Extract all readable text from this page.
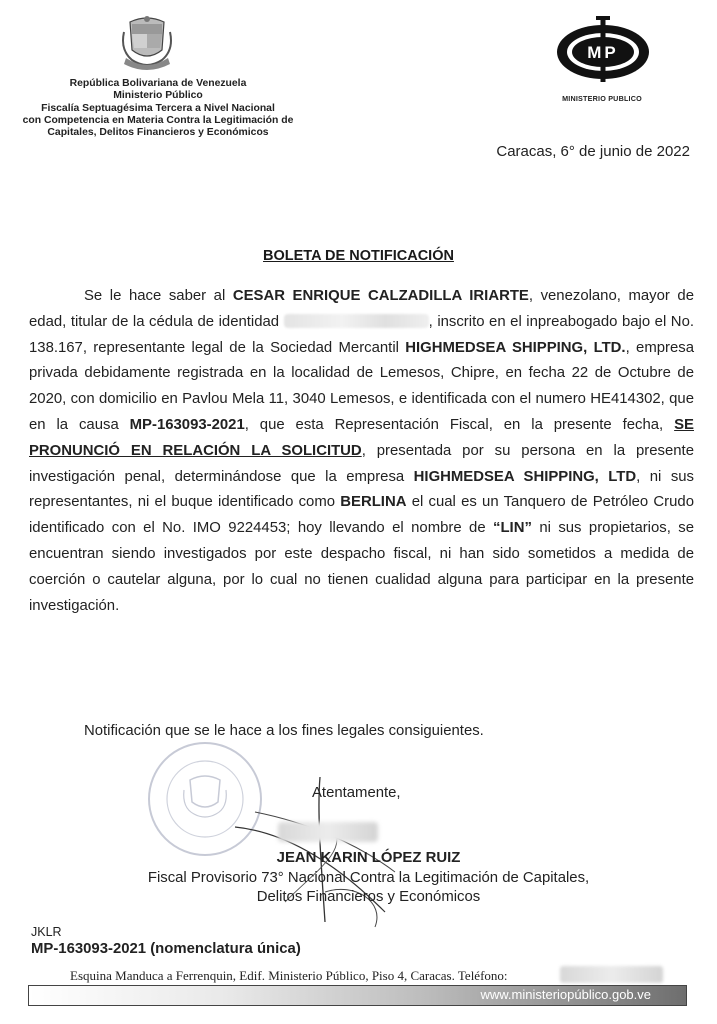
República Bolivariana de Venezuela
Ministerio Público
Fiscalía Septuagésima Tercera a Nivel Nacional
con Competencia en Materia Contra la Legitimación de
Capitales, Delitos Financieros y Económicos
MP
MINISTERIO PUBLICO
Caracas, 6° de junio de 2022
BOLETA DE NOTIFICACIÓN

Se le hace saber al CESAR ENRIQUE CALZADILLA IRIARTE, venezolano, mayor de edad, titular de la cédula de identidad	, inscrito en el inpreabogado bajo el No. 138.167, representante legal de la Sociedad Mercantil HIGHMEDSEA SHIPPING, LTD., empresa privada debidamente registrada en la localidad de Lemesos, Chipre, en fecha 22 de Octubre de 2020, con domicilio en Pavlou Mela 11, 3040 Lemesos, e identificada con el numero HE414302, que en la causa MP-163093-2021, que esta Representación Fiscal, en la presente fecha, SE PRONUNCIÓ EN RELACIÓN LA SOLICITUD, presentada por su persona en la presente investigación penal, determinándose que la empresa HIGHMEDSEA SHIPPING, LTD, ni sus representantes, ni el buque identificado como BERLINA el cual es un Tanquero de Petróleo Crudo identificado con el No. IMO 9224453; hoy llevando el nombre de “LIN” ni sus propietarios, se encuentran siendo investigados por este despacho fiscal, ni han sido sometidos a medida de coerción o cautelar alguna, por lo cual no tienen cualidad alguna para participar en la presente investigación.

Notificación que se le hace a los fines legales consiguientes.
Atentamente,
JEAN KARIN LÓPEZ RUIZ
Fiscal Provisorio 73° Nacional Contra la Legitimación de Capitales,
Delitos Financieros y Económicos
JKLR
MP-163093-2021 (nomenclatura única)
Esquina Manduca a Ferrenquin, Edif. Ministerio Público, Piso 4, Caracas. Teléfono:
www.ministeriopúblico.gob.ve
